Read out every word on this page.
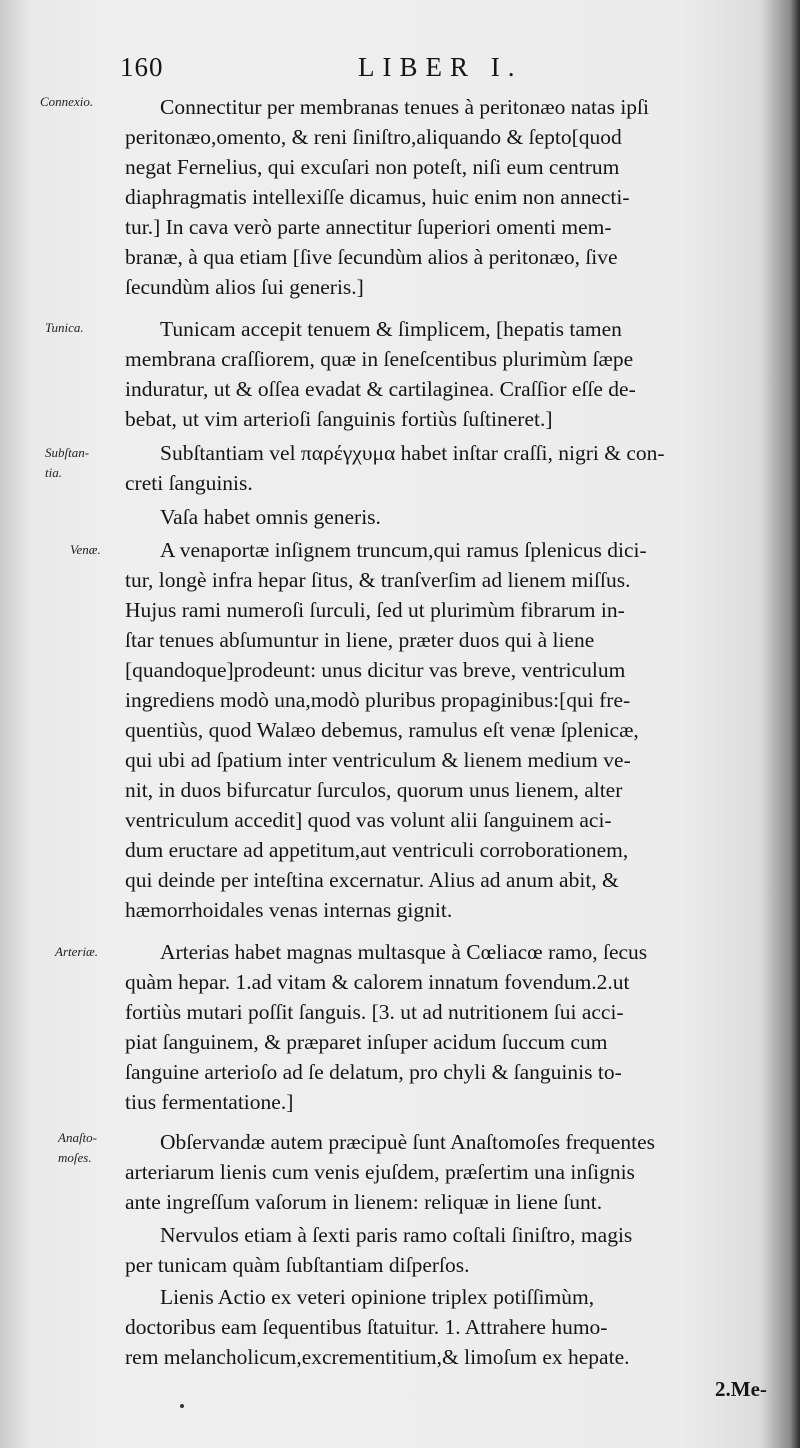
160	LIBER I.
Connexio.
Tunica.
Subſtan-
tia.
Venæ.
Arteriæ.
Anaſto-
moſes.
Connectitur per membranas tenues à peritonæo natas ipſi
peritonæo,omento, & reni ſiniſtro,aliquando & ſepto[quod
negat Fernelius, qui excuſari non poteſt, niſi eum centrum
diaphragmatis intellexiſſe dicamus, huic enim non annecti-
tur.] In cava verò parte annectitur ſuperiori omenti mem-
branæ, à qua etiam [ſive ſecundùm alios à peritonæo, ſive
ſecundùm alios ſui generis.]
Tunicam accepit tenuem & ſimplicem, [hepatis tamen
membrana craſſiorem, quæ in ſeneſcentibus plurimùm ſæpe
induratur, ut & oſſea evadat & cartilaginea. Craſſior eſſe de-
bebat, ut vim arterioſi ſanguinis fortiùs ſuſtineret.]
Subſtantiam vel παρέγχυμα habet inſtar craſſi, nigri & con-
creti ſanguinis.
Vaſa habet omnis generis.
A venaportæ inſignem truncum,qui ramus ſplenicus dici-
tur, longè infra hepar ſitus, & tranſverſim ad lienem miſſus.
Hujus rami numeroſi ſurculi, ſed ut plurimùm fibrarum in-
ſtar tenues abſumuntur in liene, præter duos qui à liene
[quandoque]prodeunt: unus dicitur vas breve, ventriculum
ingrediens modò una,modò pluribus propaginibus:[qui fre-
quentiùs, quod Walæo debemus, ramulus eſt venæ ſplenicæ,
qui ubi ad ſpatium inter ventriculum & lienem medium ve-
nit, in duos bifurcatur ſurculos, quorum unus lienem, alter
ventriculum accedit] quod vas volunt alii ſanguinem aci-
dum eructare ad appetitum,aut ventriculi corroborationem,
qui deinde per inteſtina excernatur. Alius ad anum abit, &
hæmorrhoidales venas internas gignit.
Arterias habet magnas multasque à Cœliacœ ramo, ſecus
quàm hepar. 1.ad vitam & calorem innatum fovendum.2.ut
fortiùs mutari poſſit ſanguis. [3. ut ad nutritionem ſui acci-
piat ſanguinem, & præparet inſuper acidum ſuccum cum
ſanguine arterioſo ad ſe delatum, pro chyli & ſanguinis to-
tius fermentatione.]
Obſervandæ autem præcipuè ſunt Anaſtomoſes frequentes
arteriarum lienis cum venis ejuſdem, præſertim una inſignis
ante ingreſſum vaſorum in lienem: reliquæ in liene ſunt.
Nervulos etiam à ſexti paris ramo coſtali ſiniſtro, magis
per tunicam quàm ſubſtantiam diſperſos.
Lienis Actio ex veteri opinione triplex potiſſimùm,
doctoribus eam ſequentibus ſtatuitur. 1. Attrahere humo-
rem melancholicum,excrementitium,& limoſum ex hepate.
2.Me-
